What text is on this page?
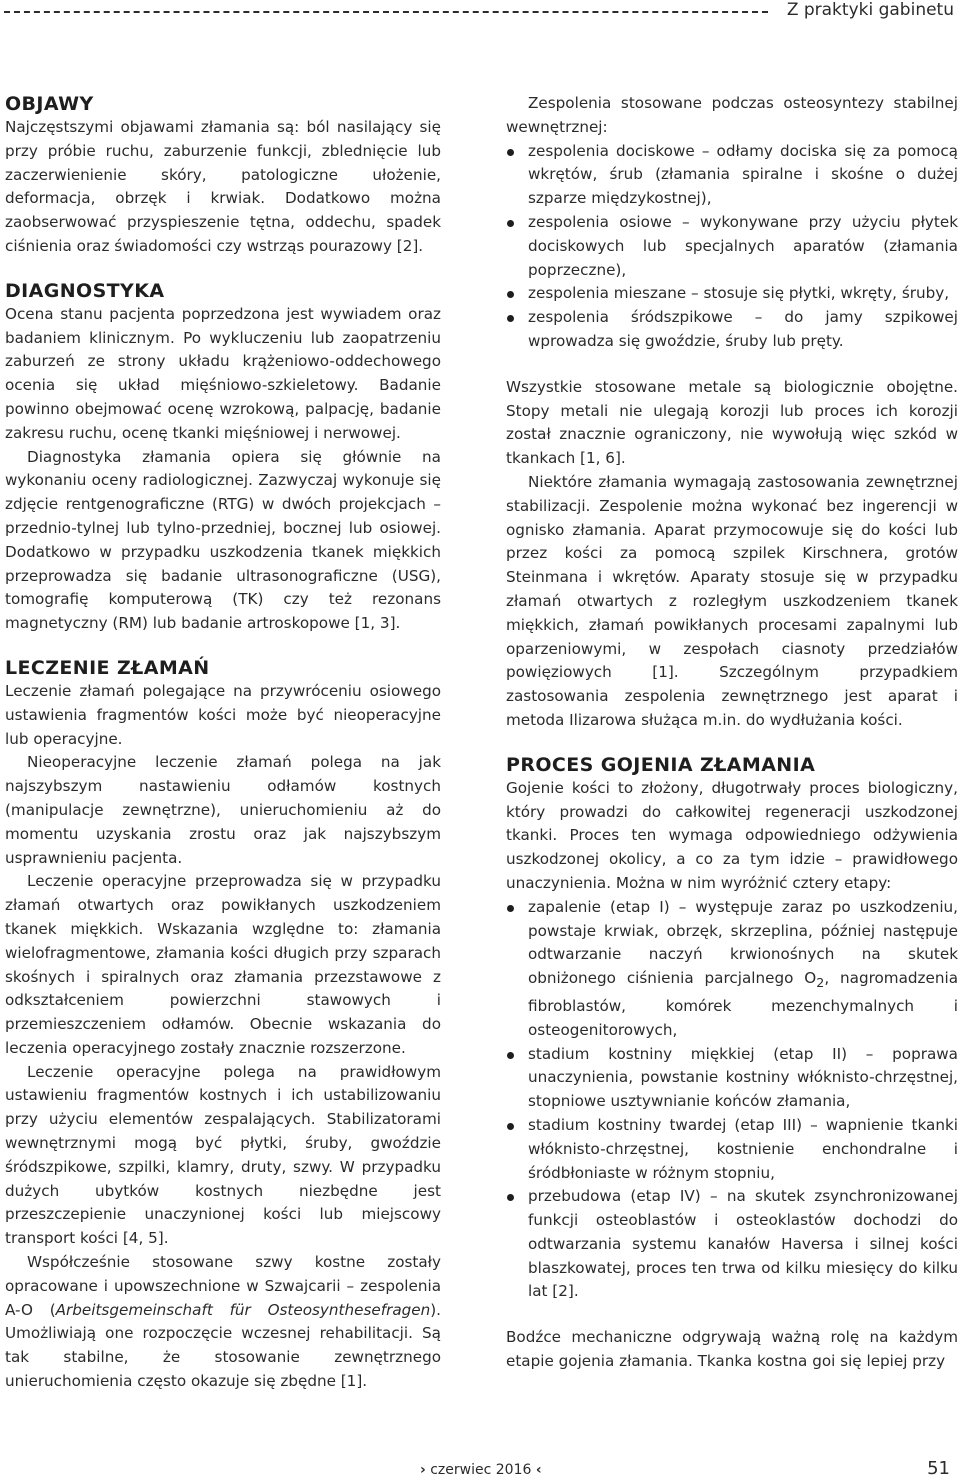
Z praktyki gabinetu
OBJAWY

Najczęstszymi objawami złamania są: ból nasilający się przy próbie ruchu, zaburzenie funkcji, zblednięcie lub zaczerwienienie skóry, patologiczne ułożenie, deformacja, obrzęk i krwiak. Dodatkowo można zaobserwować przyspieszenie tętna, oddechu, spadek ciśnienia oraz świadomości czy wstrząs pourazowy [2].

DIAGNOSTYKA

Ocena stanu pacjenta poprzedzona jest wywiadem oraz badaniem klinicznym. Po wykluczeniu lub zaopatrzeniu zaburzeń ze strony układu krążeniowo-oddechowego ocenia się układ mięśniowo-szkieletowy. Badanie powinno obejmować ocenę wzrokową, palpację, badanie zakresu ruchu, ocenę tkanki mięśniowej i nerwowej.

Diagnostyka złamania opiera się głównie na wykonaniu oceny radiologicznej. Zazwyczaj wykonuje się zdjęcie rentgenograficzne (RTG) w dwóch projekcjach – przednio-tylnej lub tylno-przedniej, bocznej lub osiowej. Dodatkowo w przypadku uszkodzenia tkanek miękkich przeprowadza się badanie ultrasonograficzne (USG), tomografię komputerową (TK) czy też rezonans magnetyczny (RM) lub badanie artroskopowe [1, 3].

LECZENIE ZŁAMAŃ

Leczenie złamań polegające na przywróceniu osiowego ustawienia fragmentów kości może być nieoperacyjne lub operacyjne.

Nieoperacyjne leczenie złamań polega na jak najszybszym nastawieniu odłamów kostnych (manipulacje zewnętrzne), unieruchomieniu aż do momentu uzyskania zrostu oraz jak najszybszym usprawnieniu pacjenta.

Leczenie operacyjne przeprowadza się w przypadku złamań otwartych oraz powikłanych uszkodzeniem tkanek miękkich. Wskazania względne to: złamania wielofragmentowe, złamania kości długich przy szparach skośnych i spiralnych oraz złamania przezstawowe z odkształceniem powierzchni stawowych i przemieszczeniem odłamów. Obecnie wskazania do leczenia operacyjnego zostały znacznie rozszerzone.

Leczenie operacyjne polega na prawidłowym ustawieniu fragmentów kostnych i ich ustabilizowaniu przy użyciu elementów zespalających. Stabilizatorami wewnętrznymi mogą być płytki, śruby, gwoździe śródszpikowe, szpilki, klamry, druty, szwy. W przypadku dużych ubytków kostnych niezbędne jest przeszczepienie unaczynionej kości lub miejscowy transport kości [4, 5].

Współcześnie stosowane szwy kostne zostały opracowane i upowszechnione w Szwajcarii – zespolenia A-O (Arbeitsgemeinschaft für Osteosynthesefragen). Umożliwiają one rozpoczęcie wczesnej rehabilitacji. Są tak stabilne, że stosowanie zewnętrznego unieruchomienia często okazuje się zbędne [1].

Zespolenia stosowane podczas osteosyntezy stabilnej wewnętrznej:

zespolenia dociskowe – odłamy dociska się za pomocą wkrętów, śrub (złamania spiralne i skośne o dużej szparze międzykostnej),
zespolenia osiowe – wykonywane przy użyciu płytek dociskowych lub specjalnych aparatów (złamania poprzeczne),
zespolenia mieszane – stosuje się płytki, wkręty, śruby,
zespolenia śródszpikowe – do jamy szpikowej wprowadza się gwoździe, śruby lub pręty.

Wszystkie stosowane metale są biologicznie obojętne. Stopy metali nie ulegają korozji lub proces ich korozji został znacznie ograniczony, nie wywołują więc szkód w tkankach [1, 6].

Niektóre złamania wymagają zastosowania zewnętrznej stabilizacji. Zespolenie można wykonać bez ingerencji w ognisko złamania. Aparat przymocowuje się do kości lub przez kości za pomocą szpilek Kirschnera, grotów Steinmana i wkrętów. Aparaty stosuje się w przypadku złamań otwartych z rozległym uszkodzeniem tkanek miękkich, złamań powikłanych procesami zapalnymi lub oparzeniowymi, w zespołach ciasnoty przedziałów powięziowych [1]. Szczególnym przypadkiem zastosowania zespolenia zewnętrznego jest aparat i metoda Ilizarowa służąca m.in. do wydłużania kości.

PROCES GOJENIA ZŁAMANIA

Gojenie kości to złożony, długotrwały proces biologiczny, który prowadzi do całkowitej regeneracji uszkodzonej tkanki. Proces ten wymaga odpowiedniego odżywienia uszkodzonej okolicy, a co za tym idzie – prawidłowego unaczynienia. Można w nim wyróżnić cztery etapy:

zapalenie (etap I) – występuje zaraz po uszkodzeniu, powstaje krwiak, obrzęk, skrzeplina, później następuje odtwarzanie naczyń krwionośnych na skutek obniżonego ciśnienia parcjalnego $O_2$, nagromadzenia fibroblastów, komórek mezenchymalnych i osteogenitorowych,
stadium kostniny miękkiej (etap II) – poprawa unaczynienia, powstanie kostniny włóknisto-chrzęstnej, stopniowe usztywnianie końców złamania,
stadium kostniny twardej (etap III) – wapnienie tkanki włóknisto-chrzęstnej, kostnienie enchondralne i śródbłoniaste w różnym stopniu,
przebudowa (etap IV) – na skutek zsynchronizowanej funkcji osteoblastów i osteoklastów dochodzi do odtwarzania systemu kanałów Haversa i silnej kości blaszkowatej, proces ten trwa od kilku miesięcy do kilku lat [2].

Bodźce mechaniczne odgrywają ważną rolę na każdym etapie gojenia złamania. Tkanka kostna goi się lepiej przy

› czerwiec 2016 ‹	51
